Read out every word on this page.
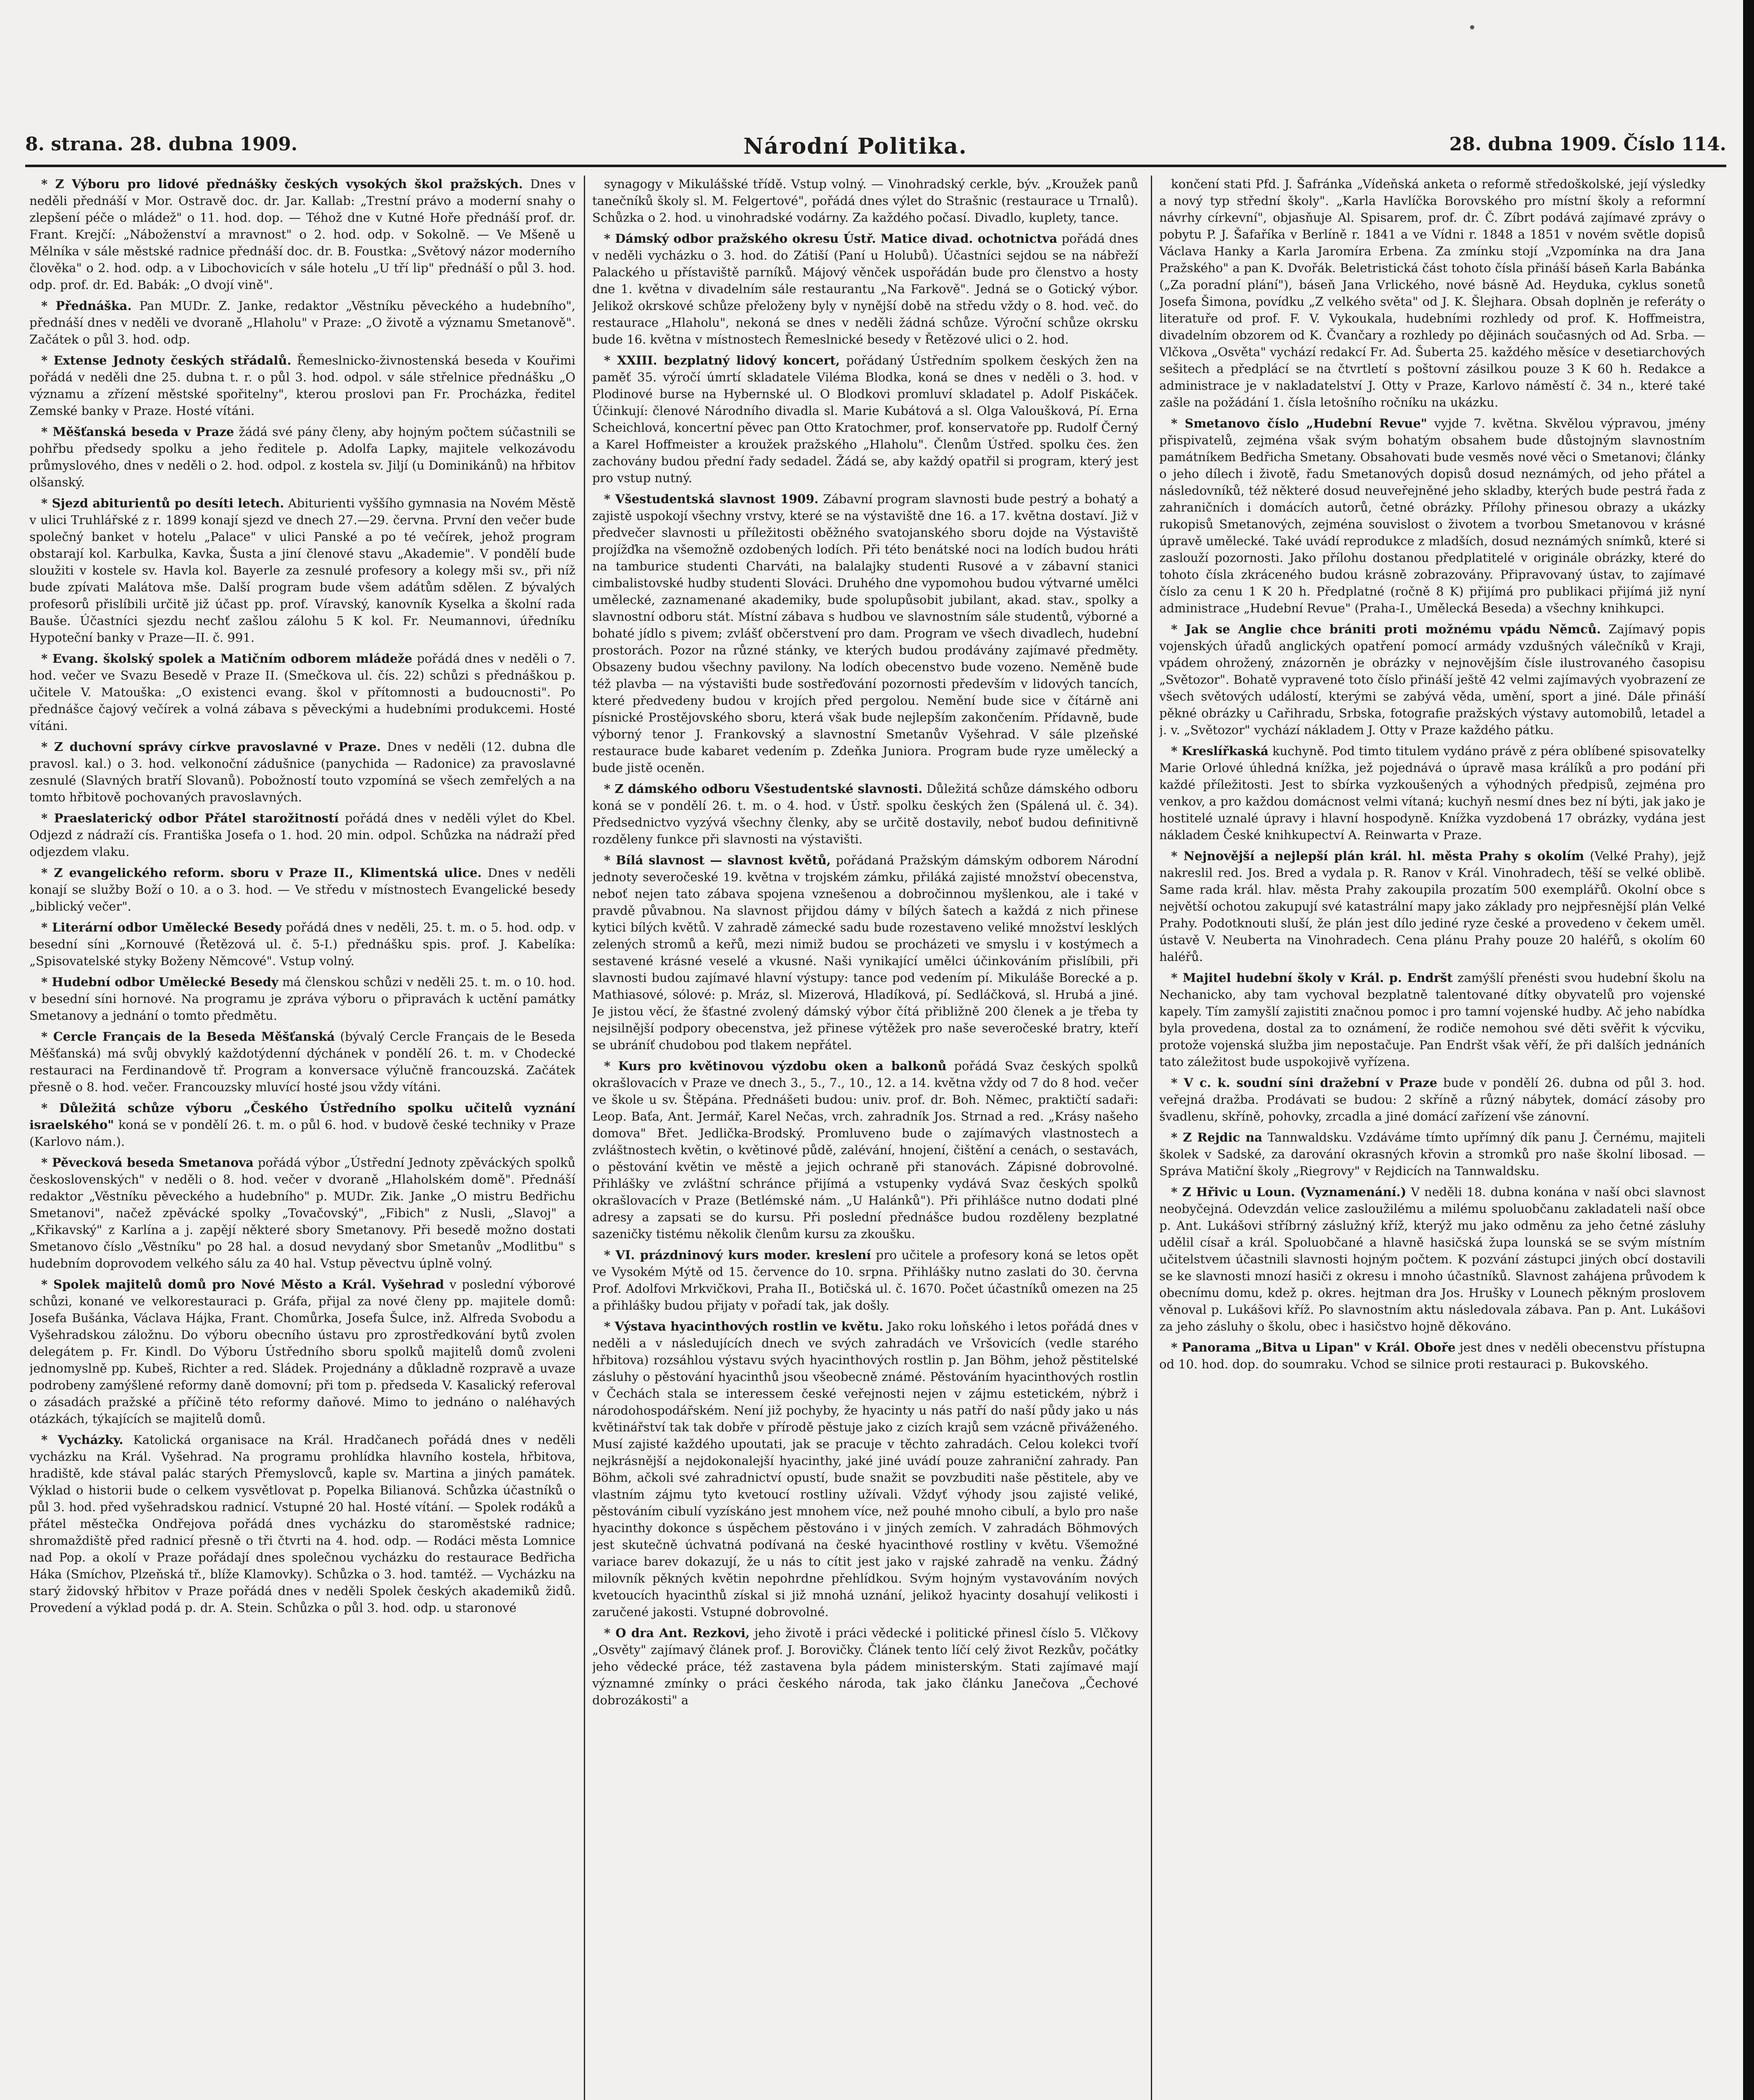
8. strana. 28. dubna 1909.	Národní Politika.	28. dubna 1909. Číslo 114.

* Z Výboru pro lidové přednášky českých vysokých škol pražských. Dnes v neděli přednáší v Mor. Ostravě doc. dr. Jar. Kallab: „Trestní právo a moderní snahy o zlepšení péče o mládež" o 11. hod. dop. — Téhož dne v Kutné Hoře přednáší prof. dr. Frant. Krejčí: „Náboženství a mravnost" o 2. hod. odp. v Sokolně. — Ve Mšeně u Mělníka v sále městské radnice přednáší doc. dr. B. Foustka: „Světový názor moderního člověka" o 2. hod. odp. a v Libochovicích v sále hotelu „U tří lip" přednáší o půl 3. hod. odp. prof. dr. Ed. Babák: „O dvojí vině".

* Přednáška. Pan MUDr. Z. Janke, redaktor „Věstníku pěveckého a hudebního", přednáší dnes v neděli ve dvoraně „Hlaholu" v Praze: „O životě a významu Smetanově". Začátek o půl 3. hod. odp.

* Extense Jednoty českých střádalů. Řemeslnicko-živnostenská beseda v Kouřimi pořádá v neděli dne 25. dubna t. r. o půl 3. hod. odpol. v sále střelnice přednášku „O významu a zřízení městské spořitelny", kterou proslovi pan Fr. Procházka, ředitel Zemské banky v Praze. Hosté vítáni.

* Měšťanská beseda v Praze žádá své pány členy, aby hojným počtem súčastnili se pohřbu předsedy spolku a jeho ředitele p. Adolfa Lapky, majitele velkozávodu průmyslového, dnes v neděli o 2. hod. odpol. z kostela sv. Jiljí (u Dominikánů) na hřbitov olšanský.

* Sjezd abiturientů po desíti letech. Abiturienti vyššího gymnasia na Novém Městě v ulici Truhlářské z r. 1899 konají sjezd ve dnech 27.—29. června. První den večer bude společný banket v hotelu „Palace" v ulici Panské a po té večírek, jehož program obstarají kol. Karbulka, Kavka, Šusta a jiní členové stavu „Akademie". V pondělí bude sloužiti v kostele sv. Havla kol. Bayerle za zesnulé profesory a kolegy mši sv., při níž bude zpívati Malátova mše. Další program bude všem adátům sdělen. Z bývalých profesorů přislíbili určitě již účast pp. prof. Víravský, kanovník Kyselka a školní rada Bauše. Účastníci sjezdu nechť zašlou zálohu 5 K kol. Fr. Neumannovi, úředníku Hypoteční banky v Praze—II. č. 991.

* Evang. školský spolek a Matičním odborem mládeže pořádá dnes v neděli o 7. hod. večer ve Svazu Besedě v Praze II. (Smečkova ul. čís. 22) schůzi s přednáškou p. učitele V. Matouška: „O existenci evang. škol v přítomnosti a budoucnosti". Po přednášce čajový večírek a volná zábava s pěveckými a hudebními produkcemi. Hosté vítáni.

* Z duchovní správy církve pravoslavné v Praze. Dnes v neděli (12. dubna dle pravosl. kal.) o 3. hod. velkonoční zádušnice (panychida — Radonice) za pravoslavné zesnulé (Slavných bratří Slovanů). Pobožností touto vzpomíná se všech zemřelých a na tomto hřbitově pochovaných pravoslavných.

* Praeslaterický odbor Přátel starožitností pořádá dnes v neděli výlet do Kbel. Odjezd z nádraží cís. Františka Josefa o 1. hod. 20 min. odpol. Schůzka na nádraží před odjezdem vlaku.

* Z evangelického reform. sboru v Praze II., Klimentská ulice. Dnes v neděli konají se služby Boží o 10. a o 3. hod. — Ve středu v místnostech Evangelické besedy „biblický večer".

* Literární odbor Umělecké Besedy pořádá dnes v neděli, 25. t. m. o 5. hod. odp. v besední síni „Kornouvé (Řetězová ul. č. 5-I.) přednášku spis. prof. J. Kabelíka: „Spisovatelské styky Boženy Němcové". Vstup volný.

* Hudební odbor Umělecké Besedy má členskou schůzi v neděli 25. t. m. o 10. hod. v besední síni hornové. Na programu je zpráva výboru o připravách k uctění památky Smetanovy a jednání o tomto předmětu.

* Cercle Français de la Beseda Měšťanská (bývalý Cercle Français de le Beseda Měšťanská) má svůj obvyklý každotýdenní dýchánek v pondělí 26. t. m. v Chodecké restauraci na Ferdinandově tř. Program a konversace výlučně francouzská. Začátek přesně o 8. hod. večer. Francouzsky mluvící hosté jsou vždy vítáni.

* Důležitá schůze výboru „Českého Ústředního spolku učitelů vyznání israelského" koná se v pondělí 26. t. m. o půl 6. hod. v budově české techniky v Praze (Karlovo nám.).

* Pěvecková beseda Smetanova pořádá výbor „Ústřední Jednoty zpěváckých spolků československých" v neděli o 8. hod. večer v dvoraně „Hlaholském domě". Přednáší redaktor „Věstníku pěveckého a hudebního" p. MUDr. Zik. Janke „O mistru Bedřichu Smetanovi", načež zpěvácké spolky „Tovačovský", „Fibich" z Nusli, „Slavoj" a „Křikavský" z Karlína a j. zapějí některé sbory Smetanovy. Při besedě možno dostati Smetanovo číslo „Věstníku" po 28 hal. a dosud nevydaný sbor Smetanův „Modlitbu" s hudebním doprovodem velkého sálu za 40 hal. Vstup pěvectvu úplně volný.

* Spolek majitelů domů pro Nové Město a Král. Vyšehrad v poslední výborové schůzi, konané ve velkorestauraci p. Gráfa, přijal za nové členy pp. majitele domů: Josefa Bušánka, Václava Hájka, Frant. Chomůrka, Josefa Šulce, inž. Alfreda Svobodu a Vyšehradskou záložnu. Do výboru obecního ústavu pro zprostředkování bytů zvolen delegátem p. Fr. Kindl. Do Výboru Ústředního sboru spolků majitelů domů zvoleni jednomyslně pp. Kubeš, Richter a red. Sládek. Projednány a důkladně rozpravě a uvaze podrobeny zamýšlené reformy daně domovní; při tom p. předseda V. Kasalický referoval o zásadách pražské a příčině této reformy daňové. Mimo to jednáno o naléhavých otázkách, týkajících se majitelů domů.

* Vycházky. Katolická organisace na Král. Hradčanech pořádá dnes v neděli vycházku na Král. Vyšehrad. Na programu prohlídka hlavního kostela, hřbitova, hradiště, kde stával palác starých Přemyslovců, kaple sv. Martina a jiných památek. Výklad o historii bude o celkem vysvětlovat p. Popelka Bilianová. Schůzka účastníků o půl 3. hod. před vyšehradskou radnicí. Vstupné 20 hal. Hosté vítání. — Spolek rodáků a přátel městečka Ondřejova pořádá dnes vycházku do staroměstské radnice; shromaždiště před radnicí přesně o tři čtvrti na 4. hod. odp. — Rodáci města Lomnice nad Pop. a okolí v Praze pořádají dnes společnou vycházku do restaurace Bedřicha Háka (Smíchov, Plzeňská tř., blíže Klamovky). Schůzka o 3. hod. tamtéž. — Vycházku na starý židovský hřbitov v Praze pořádá dnes v neděli Spolek českých akademiků židů. Provedení a výklad podá p. dr. A. Stein. Schůzka o půl 3. hod. odp. u staronové

synagogy v Mikulášské třídě. Vstup volný. — Vinohradský cerkle, býv. „Kroužek panů tanečníků školy sl. M. Felgertové", pořádá dnes výlet do Strašnic (restaurace u Trnalů). Schůzka o 2. hod. u vinohradské vodárny. Za každého počasí. Divadlo, kuplety, tance.

* Dámský odbor pražského okresu Ústř. Matice divad. ochotnictva pořádá dnes v neděli vycházku o 3. hod. do Zátiší (Paní u Holubů). Účastníci sejdou se na nábřeží Palackého u přístaviště parníků. Májový věnček uspořádán bude pro členstvo a hosty dne 1. května v divadelním sále restaurantu „Na Farkově". Jedná se o Gotický výbor. Jelikož okrskové schůze přeloženy byly v nynější době na středu vždy o 8. hod. več. do restaurace „Hlaholu", nekoná se dnes v neděli žádná schůze. Výroční schůze okrsku bude 16. května v místnostech Řemeslnické besedy v Řetězové ulici o 2. hod.

* XXIII. bezplatný lidový koncert, pořádaný Ústředním spolkem českých žen na paměť 35. výročí úmrtí skladatele Viléma Blodka, koná se dnes v neděli o 3. hod. v Plodinové burse na Hybernské ul. O Blodkovi promluví skladatel p. Adolf Piskáček. Účinkují: členové Národního divadla sl. Marie Kubátová a sl. Olga Valoušková, Pí. Erna Scheichlová, koncertní pěvec pan Otto Kratochmer, prof. konservatoře pp. Rudolf Černý a Karel Hoffmeister a kroužek pražského „Hlaholu". Členům Ústřed. spolku čes. žen zachovány budou přední řady sedadel. Žádá se, aby každý opatřil si program, který jest pro vstup nutný.

* Všestudentská slavnost 1909. Zábavní program slavnosti bude pestrý a bohatý a zajistě uspokojí všechny vrstvy, které se na výstaviště dne 16. a 17. května dostaví. Již v předvečer slavnosti u příležitosti oběžného svatojanského sboru dojde na Výstaviště projížďka na všemožně ozdobených lodích. Při této benátské noci na lodích budou hráti na tamburice studenti Charváti, na balalajky studenti Rusové a v zábavní stanici cimbalistovské hudby studenti Slováci. Druhého dne vypomohou budou výtvarné umělci umělecké, zaznamenané akademiky, bude spolupůsobit jubilant, akad. stav., spolky a slavnostní odboru stát. Místní zábava s hudbou ve slavnostním sále studentů, výborné a bohaté jídlo s pivem; zvlášť občerstvení pro dam. Program ve všech divadlech, hudební prostorách. Pozor na různé stánky, ve kterých budou prodávány zajímavé předměty. Obsazeny budou všechny pavilony. Na lodích obecenstvo bude vozeno. Neměně bude též plavba — na výstavišti bude sostřeďování pozornosti především v lidových tancích, které předvedeny budou v krojích před pergolou. Nemění bude sice v čítárně ani písnické Prostějovského sboru, která však bude nejlepším zakončením. Přídavně, bude výborný tenor J. Frankovský a slavnostní Smetanův Vyšehrad. V sále plzeňské restaurace bude kabaret vedením p. Zdeňka Juniora. Program bude ryze umělecký a bude jistě oceněn.

* Z dámského odboru Všestudentské slavnosti. Důležitá schůze dámského odboru koná se v pondělí 26. t. m. o 4. hod. v Ústř. spolku českých žen (Spálená ul. č. 34). Předsednictvo vyzývá všechny členky, aby se určitě dostavily, neboť budou definitivně rozděleny funkce při slavnosti na výstavišti.

* Bílá slavnost — slavnost květů, pořádaná Pražským dámským odborem Národní jednoty severočeské 19. května v trojském zámku, přiláká zajisté množství obecenstva, neboť nejen tato zábava spojena vznešenou a dobročinnou myšlenkou, ale i také v pravdě půvabnou. Na slavnost přijdou dámy v bílých šatech a každá z nich přinese kytici bílých květů. V zahradě zámecké sadu bude rozestaveno veliké množství lesklých zelených stromů a keřů, mezi nimiž budou se procházeti ve smyslu i v kostýmech a sestavené krásné veselé a vkusné. Naši vynikající umělci účinkováním přislíbili, při slavnosti budou zajímavé hlavní výstupy: tance pod vedením pí. Mikuláše Borecké a p. Mathiasové, sólové: p. Mráz, sl. Mizerová, Hladíková, pí. Sedláčková, sl. Hrubá a jiné. Je jistou věcí, že šťastné zvolený dámský výbor čítá přibližně 200 členek a je třeba ty nejsilnější podpory obecenstva, jež přinese výtěžek pro naše severočeské bratry, kteří se ubráníť chudobou pod tlakem nepřátel.

* Kurs pro květinovou výzdobu oken a balkonů pořádá Svaz českých spolků okrašlovacích v Praze ve dnech 3., 5., 7., 10., 12. a 14. května vždy od 7 do 8 hod. večer ve škole u sv. Štěpána. Přednášeti budou: univ. prof. dr. Boh. Němec, praktičtí sadaři: Leop. Baťa, Ant. Jermář, Karel Nečas, vrch. zahradník Jos. Strnad a red. „Krásy našeho domova" Břet. Jedlička-Brodský. Promluveno bude o zajímavých vlastnostech a zvláštnostech květin, o květinové půdě, zalévání, hnojení, čištění a cenách, o sestavách, o pěstování květin ve městě a jejich ochraně při stanovách. Zápisné dobrovolné. Přihlášky ve zvláštní schránce přijímá a vstupenky vydává Svaz českých spolků okrašlovacích v Praze (Betlémské nám. „U Halánků"). Při přihlášce nutno dodati plné adresy a zapsati se do kursu. Při poslední přednášce budou rozděleny bezplatné sazeničky tistému několik členům kursu za zkoušku.

* VI. prázdninový kurs moder. kreslení pro učitele a profesory koná se letos opět ve Vysokém Mýtě od 15. července do 10. srpna. Přihlášky nutno zaslati do 30. června Prof. Adolfovi Mrkvičkovi, Praha II., Botičská ul. č. 1670. Počet účastníků omezen na 25 a přihlášky budou přijaty v pořadí tak, jak došly.

* Výstava hyacinthových rostlin ve květu. Jako roku loňského i letos pořádá dnes v neděli a v následujících dnech ve svých zahradách ve Vršovicích (vedle starého hřbitova) rozsáhlou výstavu svých hyacinthových rostlin p. Jan Böhm, jehož pěstitelské zásluhy o pěstování hyacinthů jsou všeobecně známé. Pěstováním hyacinthových rostlin v Čechách stala se interessem české veřejnosti nejen v zájmu estetickém, nýbrž i národohospodářském. Není již pochyby, že hyacinty u nás patří do naší půdy jako u nás květinářství tak tak dobře v přírodě pěstuje jako z cizích krajů sem vzácně přiváženého. Musí zajisté každého upoutati, jak se pracuje v těchto zahradách. Celou kolekci tvoří nejkrásnější a nejdokonalejší hyacinthy, jaké jiné uvádí pouze zahraniční zahrady. Pan Böhm, ačkoli své zahradnictví opustí, bude snažit se povzbuditi naše pěstitele, aby ve vlastním zájmu tyto kvetoucí rostliny užívali. Vždyť výhody jsou zajisté veliké, pěstováním cibulí vyzískáno jest mnohem více, než pouhé mnoho cibulí, a bylo pro naše hyacinthy dokonce s úspěchem pěstováno i v jiných zemích. V zahradách Böhmových jest skutečně úchvatná podívaná na české hyacinthové rostliny v květu. Všemožné variace barev dokazují, že u nás to cítit jest jako v rajské zahradě na venku. Žádný milovník pěkných květin nepohrdne přehlídkou. Svým hojným vystavováním nových kvetoucích hyacinthů získal si již mnohá uznání, jelikož hyacinty dosahují velikosti i zaručené jakosti. Vstupné dobrovolné.

* O dra Ant. Rezkovi, jeho životě i práci vědecké i politické přinesl číslo 5. Vlčkovy „Osvěty" zajímavý článek prof. J. Borovičky. Článek tento líčí celý život Rezkův, počátky jeho vědecké práce, též zastavena byla pádem ministerským. Stati zajímavé mají významné zmínky o práci českého národa, tak jako článku Janečova „Čechové dobrozákosti" a

končení stati Pfd. J. Šafránka „Vídeňská anketa o reformě středoškolské, její výsledky a nový typ střední školy". „Karla Havlíčka Borovského pro místní školy a reformní návrhy církevní", objasňuje Al. Spisarem, prof. dr. Č. Zíbrt podává zajímavé zprávy o pobytu P. J. Šafaříka v Berlíně r. 1841 a ve Vídni r. 1848 a 1851 v novém světle dopisů Václava Hanky a Karla Jaromíra Erbena. Za zmínku stojí „Vzpomínka na dra Jana Pražského" a pan K. Dvořák. Beletristická část tohoto čísla přináší báseň Karla Babánka („Za poradní plání"), báseň Jana Vrlického, nové básně Ad. Heyduka, cyklus sonetů Josefa Šimona, povídku „Z velkého světa" od J. K. Šlejhara. Obsah doplněn je referáty o literatuře od prof. F. V. Vykoukala, hudebními rozhledy od prof. K. Hoffmeistra, divadelním obzorem od K. Čvančary a rozhledy po dějinách současných od Ad. Srba. — Vlčkova „Osvěta" vychází redakcí Fr. Ad. Šuberta 25. každého měsíce v desetiarchových sešitech a předplácí se na čtvrtletí s poštovní zásilkou pouze 3 K 60 h. Redakce a administrace je v nakladatelství J. Otty v Praze, Karlovo náměstí č. 34 n., které také zašle na požádání 1. čísla letošního ročníku na ukázku.

* Smetanovo číslo „Hudební Revue" vyjde 7. května. Skvělou výpravou, jmény přispivatelů, zejména však svým bohatým obsahem bude důstojným slavnostním památníkem Bedřicha Smetany. Obsahovati bude vesměs nové věci o Smetanovi; články o jeho dílech i životě, řadu Smetanových dopisů dosud neznámých, od jeho přátel a následovníků, též některé dosud neuveřejněné jeho skladby, kterých bude pestrá řada z zahraničních i domácích autorů, četné obrázky. Přílohy přinesou obrazy a ukázky rukopisů Smetanových, zejména souvislost o životem a tvorbou Smetanovou v krásné úpravě umělecké. Také uvádí reprodukce z mladších, dosud neznámých snímků, které si zaslouží pozornosti. Jako přílohu dostanou předplatitelé v originále obrázky, které do tohoto čísla zkráceného budou krásně zobrazovány. Připravovaný ústav, to zajímavé číslo za cenu 1 K 20 h. Předplatné (ročně 8 K) přijímá pro publikaci přijímá již nyní administrace „Hudební Revue" (Praha-I., Umělecká Beseda) a všechny knihkupci.

* Jak se Anglie chce brániti proti možnému vpádu Němců. Zajímavý popis vojenských úřadů anglických opatření pomocí armády vzdušných válečníků v Kraji, vpádem ohrožený, znázorněn je obrázky v nejnovějším čísle ilustrovaného časopisu „Světozor". Bohatě vypravené toto číslo přináší ještě 42 velmi zajímavých vyobrazení ze všech světových událostí, kterými se zabývá věda, umění, sport a jiné. Dále přináší pěkné obrázky u Cařihradu, Srbska, fotografie pražských výstavy automobilů, letadel a j. v. „Světozor" vychází nákladem J. Otty v Praze každého pátku.

* Kreslířkaská kuchyně. Pod timto titulem vydáno právě z péra oblíbené spisovatelky Marie Orlové úhledná knížka, jež pojednává o úpravě masa králíků a pro podání při každé příležitosti. Jest to sbírka vyzkoušených a výhodných předpisů, zejména pro venkov, a pro každou domácnost velmi vítaná; kuchyň nesmí dnes bez ní býti, jak jako je hostitelé uznalé úpravy i hlavní hospodyně. Knížka vyzdobená 17 obrázky, vydána jest nákladem České knihkupectví A. Reinwarta v Praze.

* Nejnovější a nejlepší plán král. hl. města Prahy s okolím (Velké Prahy), jejž nakreslil red. Jos. Bred a vydala p. R. Ranov v Král. Vinohradech, těší se velké oblibě. Same rada král. hlav. města Prahy zakoupila prozatím 500 exemplářů. Okolní obce s největší ochotou zakupují své katastrální mapy jako základy pro nejpřesnější plán Velké Prahy. Podotknouti sluší, že plán jest dílo jediné ryze české a provedeno v čekem uměl. ústavě V. Neuberta na Vinohradech. Cena plánu Prahy pouze 20 haléřů, s okolím 60 haléřů.

* Majitel hudební školy v Král. p. Endršt zamýšlí přenésti svou hudební školu na Nechanicko, aby tam vychoval bezplatně talentované dítky obyvatelů pro vojenské kapely. Tím zamyšlí zajistiti značnou pomoc i pro tamní vojenské hudby. Ač jeho nabídka byla provedena, dostal za to oznámení, že rodiče nemohou své děti svěřit k výcviku, protože vojenská služba jim nepostačuje. Pan Endršt však věří, že při dalších jednáních tato záležitost bude uspokojivě vyřízena.

* V c. k. soudní síni dražební v Praze bude v pondělí 26. dubna od půl 3. hod. veřejná dražba. Prodávati se budou: 2 skříně a různý nábytek, domácí zásoby pro švadlenu, skříně, pohovky, zrcadla a jiné domácí zařízení vše zánovní.

* Z Rejdic na Tannwaldsku. Vzdáváme tímto upřímný dík panu J. Černému, majiteli školek v Sadské, za darování okrasných křovin a stromků pro naše školní libosad. — Správa Matiční školy „Riegrovy" v Rejdicích na Tannwaldsku.

* Z Hřivic u Loun. (Vyznamenání.) V neděli 18. dubna konána v naší obci slavnost neobyčejná. Odevzdán velice zasloužilému a milému spoluobčanu zakladateli naší obce p. Ant. Lukášovi stříbrný záslužný kříž, kterýž mu jako odměnu za jeho četné zásluhy udělil císař a král. Spoluobčané a hlavně hasičská župa lounská se se svým místním učitelstvem účastnili slavnosti hojným počtem. K pozvání zástupci jiných obcí dostavili se ke slavnosti mnozí hasiči z okresu i mnoho účastníků. Slavnost zahájena průvodem k obecnímu domu, kdež p. okres. hejtman dra Jos. Hrušky v Lounech pěkným proslovem věnoval p. Lukášovi kříž. Po slavnostním aktu následovala zábava. Pan p. Ant. Lukášovi za jeho zásluhy o školu, obec i hasičstvo hojně děkováno.

* Panorama „Bitva u Lipan" v Král. Oboře jest dnes v neděli obecenstvu přístupna od 10. hod. dop. do soumraku. Vchod se silnice proti restauraci p. Bukovského.
